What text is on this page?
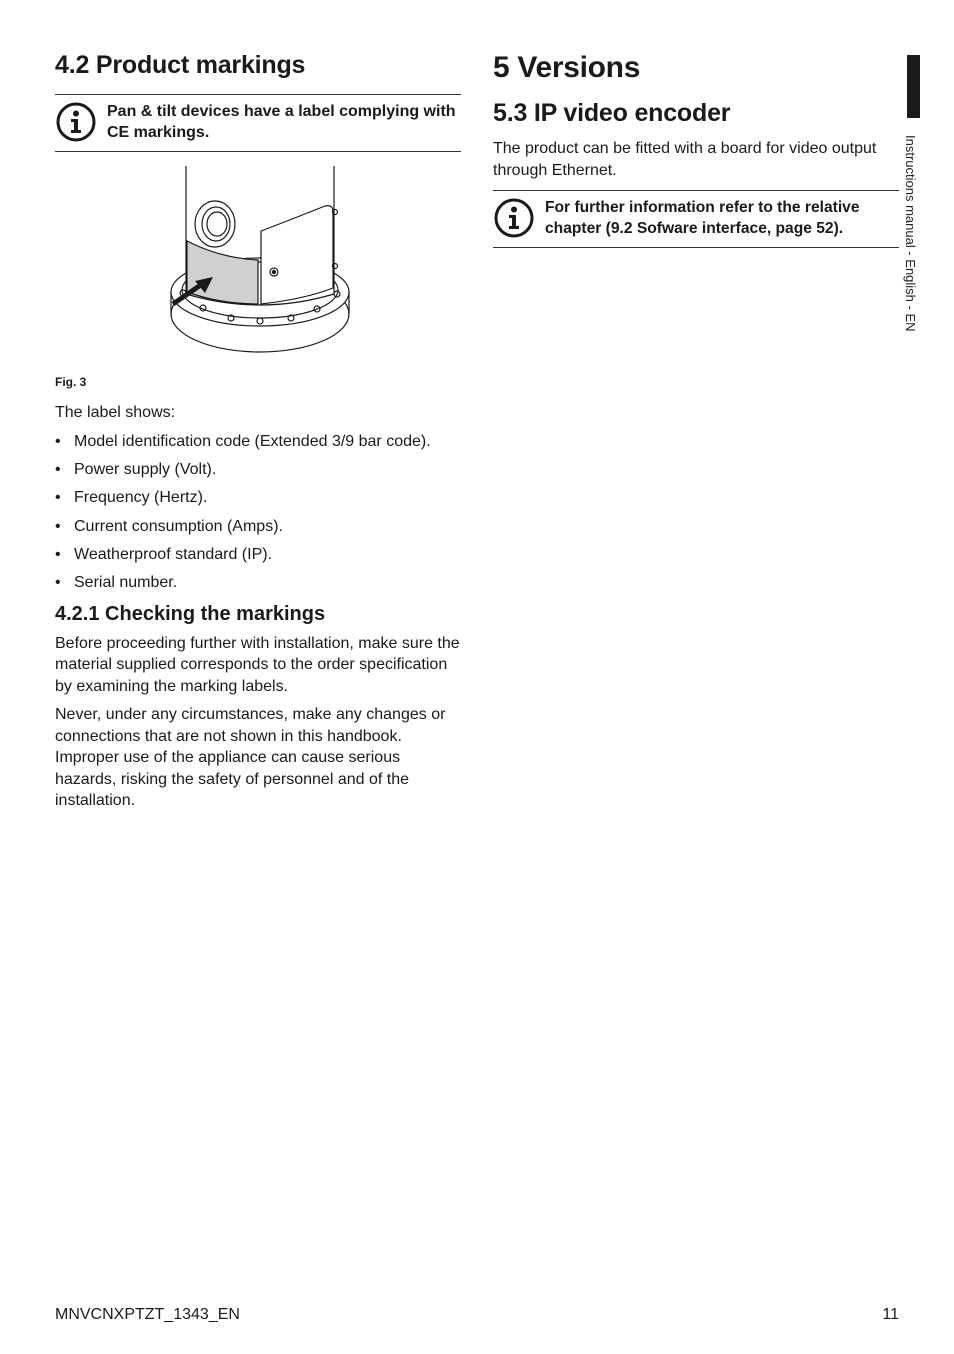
4.2 Product markings
Pan & tilt devices have a label complying with CE markings.
Fig. 3

The label shows:

• Model identification code (Extended 3/9 bar code).
• Power supply (Volt).
• Frequency (Hertz).
• Current consumption (Amps).
• Weatherproof standard (IP).
• Serial number.
4.2.1 Checking the markings

Before proceeding further with installation, make sure the material supplied corresponds to the order specification by examining the marking labels.

Never, under any circumstances, make any changes or connections that are not shown in this handbook. Improper use of the appliance can cause serious hazards, risking the safety of personnel and of the installation.

5 Versions
5.3 IP video encoder

The product can be fitted with a board for video output through Ethernet.

For further information refer to the relative chapter (9.2 Sofware interface, page 52).	Instructions manual - English - EN
MNVCNXPTZT_1343_EN	11
